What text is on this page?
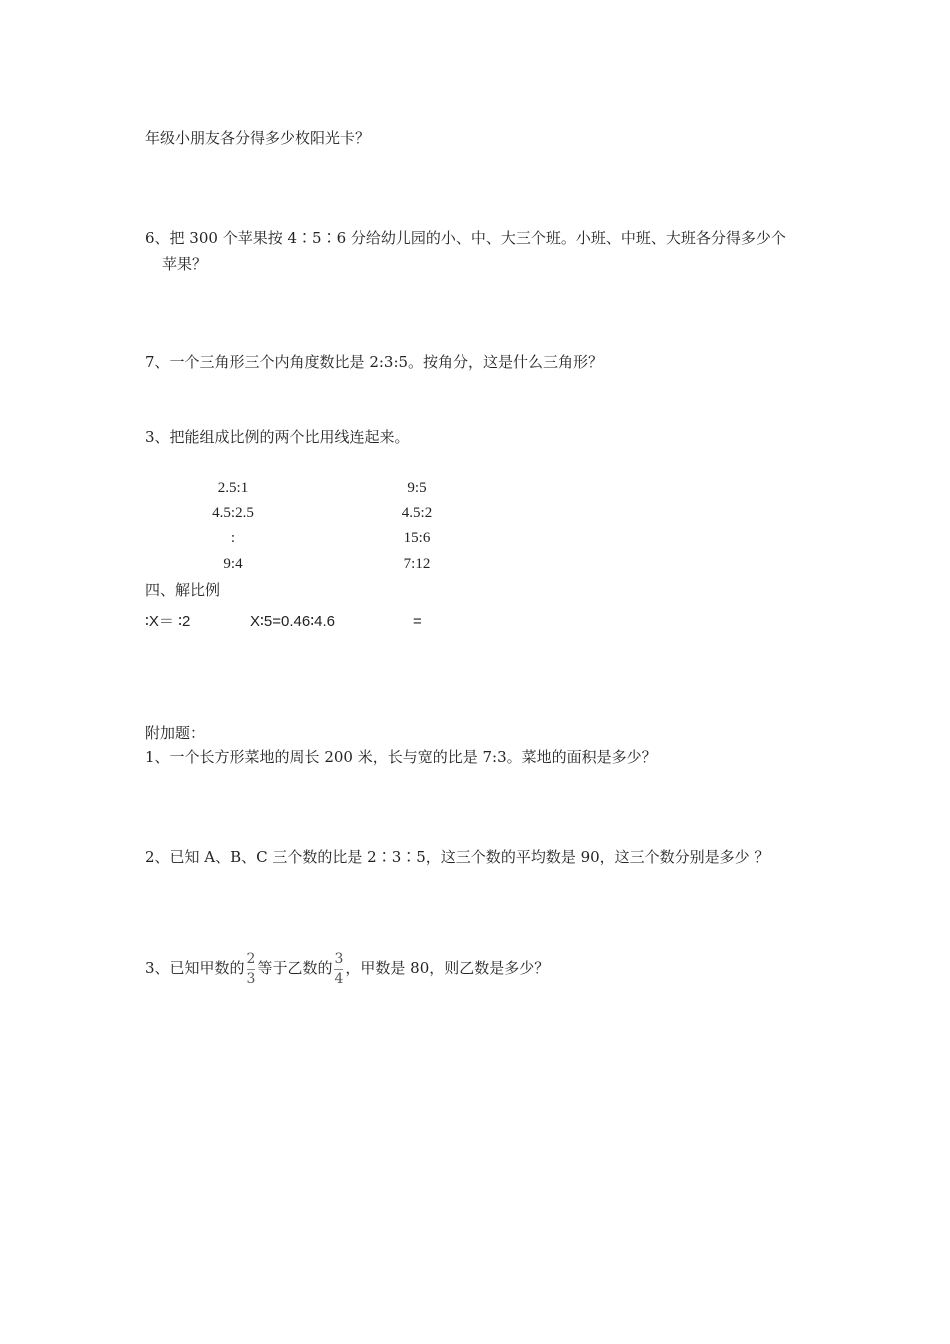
年级小朋友各分得多少枚阳光卡？
6、把 300 个苹果按 4∶5∶6 分给幼儿园的小、中、大三个班。小班、中班、大班各分得多少个
苹果？
7、一个三角形三个内角度数比是 2:3:5。按角分，这是什么三角形？
3、把能组成比例的两个比用线连起来。
2.5:1
4.5:2.5
:
9:4
9:5
4.5:2
15:6
7:12
四、解比例
∶X＝ ∶2	X∶5=0.46∶4.6	=
附加题：
1、一个长方形菜地的周长 200 米，长与宽的比是 7:3。菜地的面积是多少？
2、已知 A、B、C 三个数的比是 2∶3∶5，这三个数的平均数是 90，这三个数分别是多少 ？
3、已知甲数的 $\frac{2}{3}$ 等于乙数的 $\frac{3}{4}$ ，甲数是 80，则乙数是多少？
